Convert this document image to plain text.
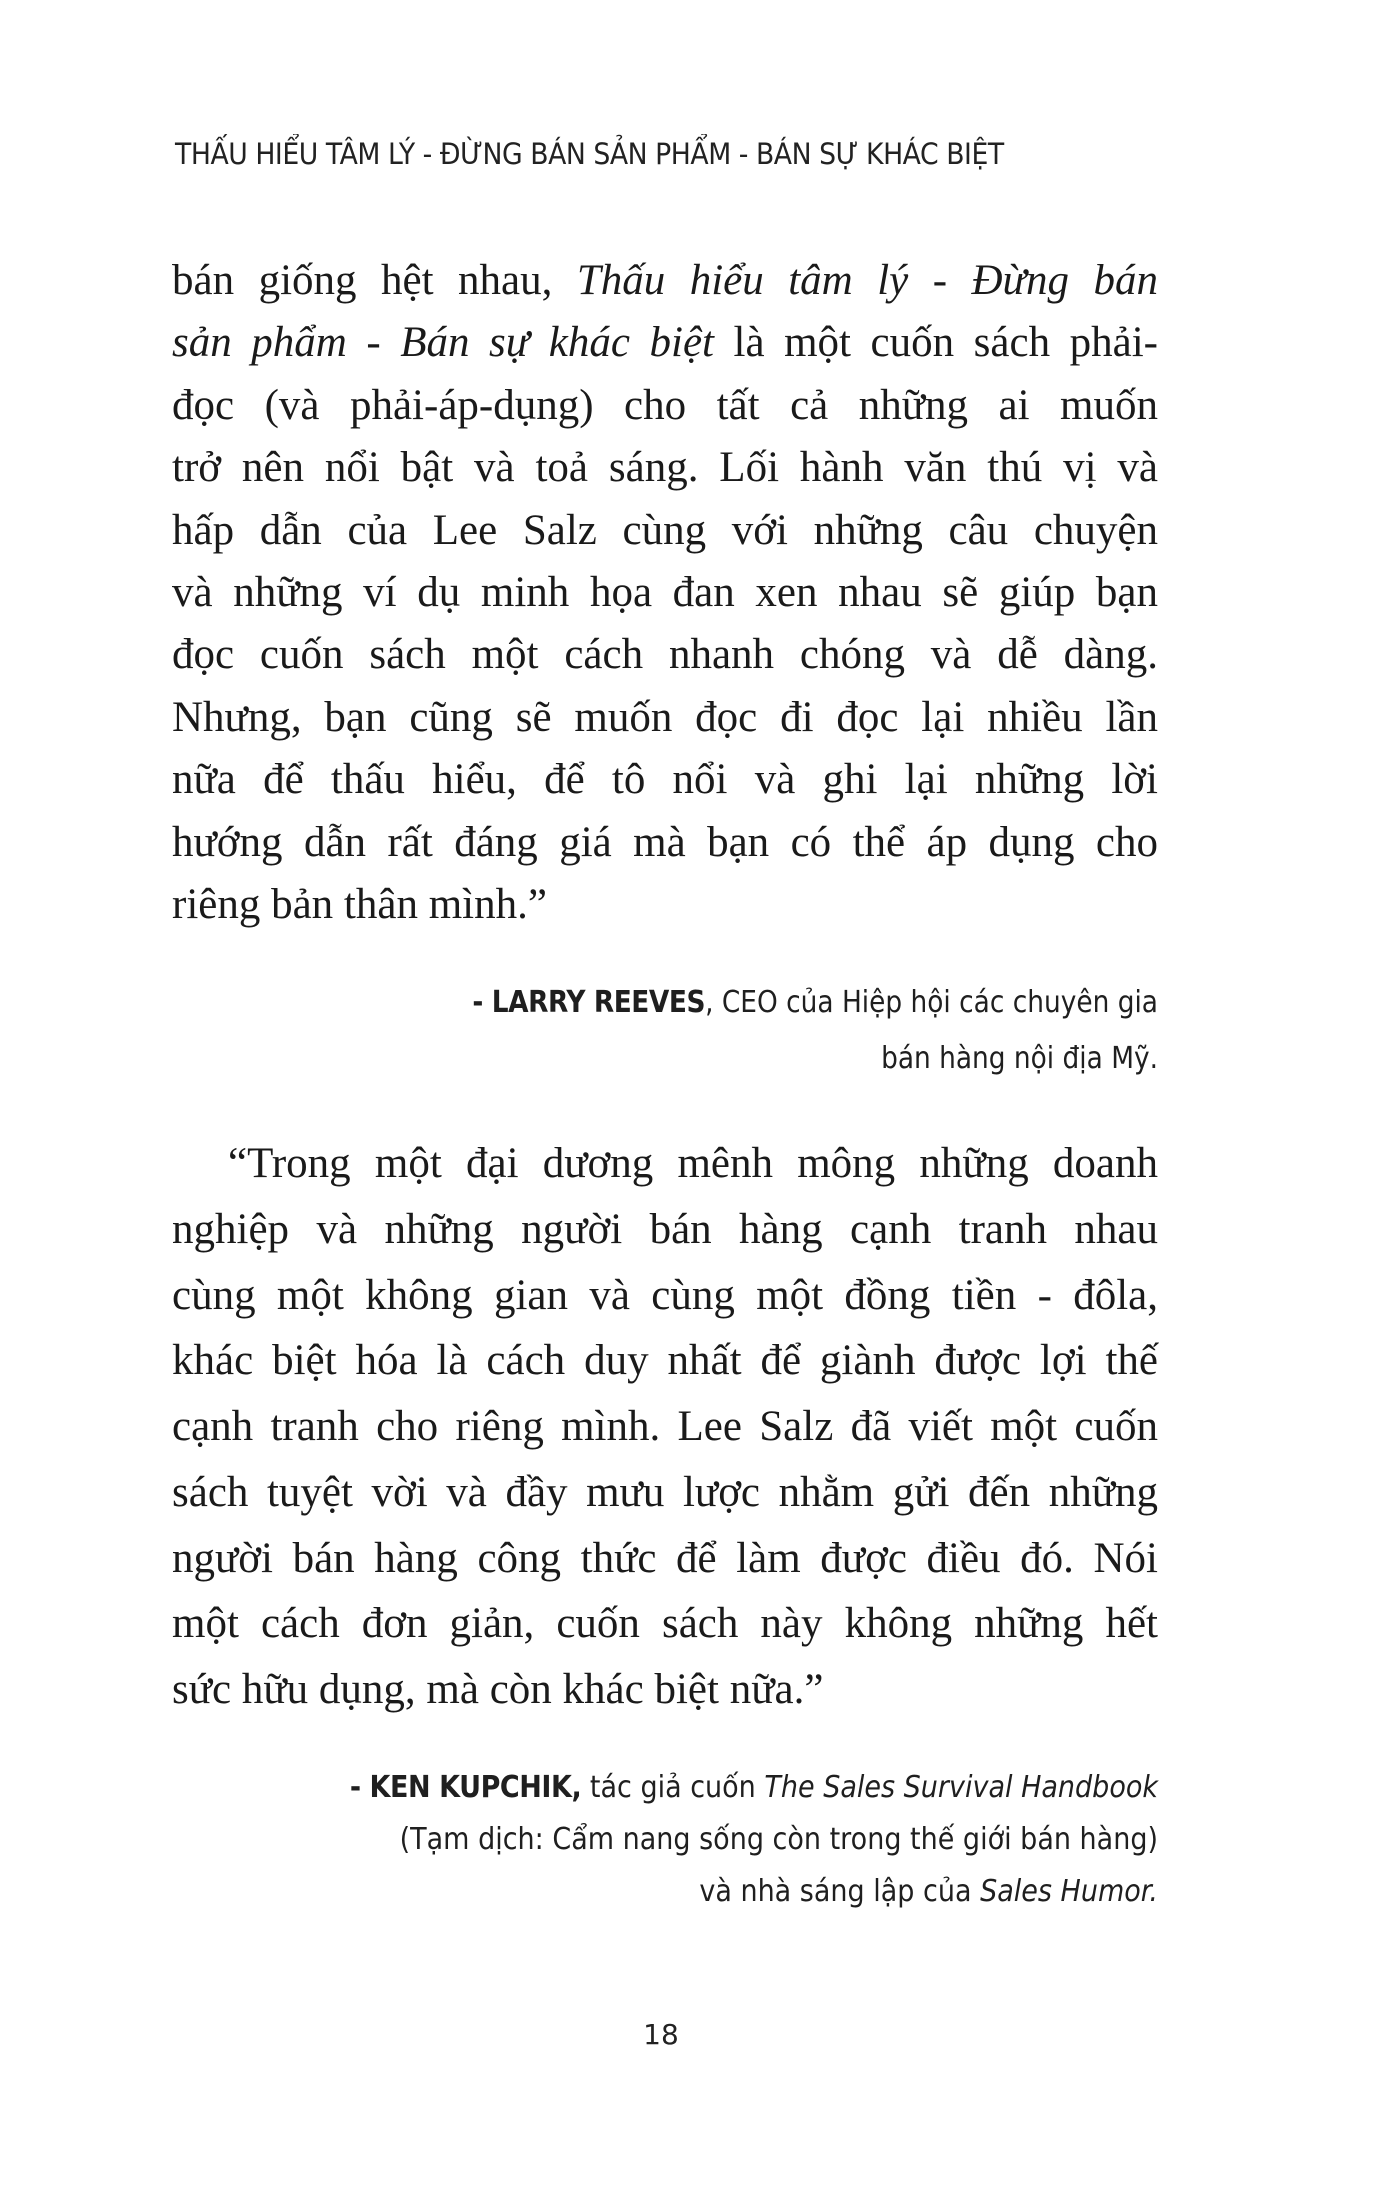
THẤU HIỂU TÂM LÝ - ĐỪNG BÁN SẢN PHẨM - BÁN SỰ KHÁC BIỆT
bán giống hệt nhau, Thấu hiểu tâm lý - Đừng bán
sản phẩm - Bán sự khác biệt là một cuốn sách phải-
đọc (và phải-áp-dụng) cho tất cả những ai muốn
trở nên nổi bật và toả sáng. Lối hành văn thú vị và
hấp dẫn của Lee Salz cùng với những câu chuyện
và những ví dụ minh họa đan xen nhau sẽ giúp bạn
đọc cuốn sách một cách nhanh chóng và dễ dàng.
Nhưng, bạn cũng sẽ muốn đọc đi đọc lại nhiều lần
nữa để thấu hiểu, để tô nổi và ghi lại những lời
hướng dẫn rất đáng giá mà bạn có thể áp dụng cho
riêng bản thân mình.”
- LARRY REEVES, CEO của Hiệp hội các chuyên gia
bán hàng nội địa Mỹ.
“Trong một đại dương mênh mông những doanh
nghiệp và những người bán hàng cạnh tranh nhau
cùng một không gian và cùng một đồng tiền - đôla,
khác biệt hóa là cách duy nhất để giành được lợi thế
cạnh tranh cho riêng mình. Lee Salz đã viết một cuốn
sách tuyệt vời và đầy mưu lược nhằm gửi đến những
người bán hàng công thức để làm được điều đó. Nói
một cách đơn giản, cuốn sách này không những hết
sức hữu dụng, mà còn khác biệt nữa.”
- KEN KUPCHIK, tác giả cuốn The Sales Survival Handbook
(Tạm dịch: Cẩm nang sống còn trong thế giới bán hàng)
và nhà sáng lập của Sales Humor.
18
